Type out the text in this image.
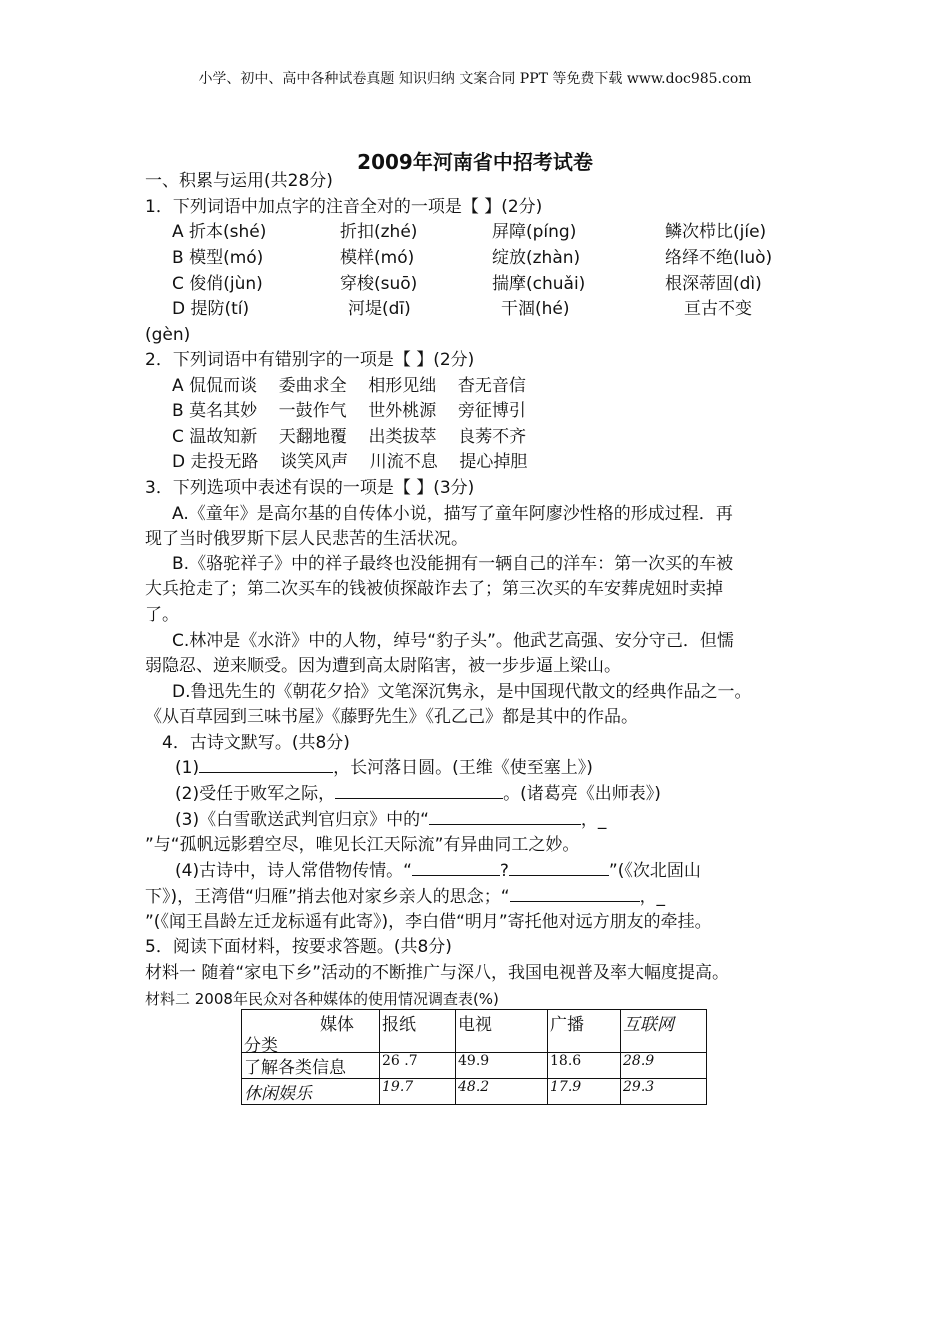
小学、初中、高中各种试卷真题 知识归纳 文案合同 PPT 等免费下载 www.doc985.com
2009年河南省中招考试卷
一、积累与运用(共28分)
1．下列词语中加点字的注音全对的一项是【 】(2分)
A 折本(shé)	折扣(zhé)	屏障(píng)	鳞次栉比(jíe)
B 模型(mó)	模样(mó)	绽放(zhàn)	络绎不绝(luò)
C 俊俏(jùn)	穿梭(suō)	揣摩(chuǎi)	根深蒂固(dì)
D 提防(tí)	河堤(dī)	干涸(hé)	亘古不变
(gèn)
2．下列词语中有错别字的一项是【 】(2分)
A 侃侃而谈    委曲求全    相形见绌    杳无音信
B 莫名其妙    一鼓作气    世外桃源    旁征博引
C 温故知新    天翻地覆    出类拔萃    良莠不齐
D 走投无路    谈笑风声    川流不息    提心掉胆
3．下列选项中表述有误的一项是【 】(3分)
A.《童年》是高尔基的自传体小说，描写了童年阿廖沙性格的形成过程．再
现了当时俄罗斯下层人民悲苦的生活状况。
B.《骆驼祥子》中的祥子最终也没能拥有一辆自己的洋车：第一次买的车被
大兵抢走了；第二次买车的钱被侦探敲诈去了；第三次买的车安葬虎妞时卖掉
了。
C.林冲是《水浒》中的人物，绰号“豹子头”。他武艺高强、安分守己．但懦
弱隐忍、逆来顺受。因为遭到高太尉陷害，被一步步逼上梁山。
D.鲁迅先生的《朝花夕拾》文笔深沉隽永，是中国现代散文的经典作品之一。
《从百草园到三味书屋》《藤野先生》《孔乙己》都是其中的作品。
4．古诗文默写。(共8分)
(1)	，长河落日圆。(王维《使至塞上》)
(2)受任于败军之际，	。(诸葛亮《出师表》)
(3)《白雪歌送武判官归京》中的“	，_
”与“孤帆远影碧空尽，唯见长江天际流”有异曲同工之妙。
(4)古诗中，诗人常借物传情。“	?	”(《次北固山
下》)，王湾借“归雁”捎去他对家乡亲人的思念；“	，_
”(《闻王昌龄左迁龙标遥有此寄》)，李白借“明月”寄托他对远方朋友的牵挂。
5．阅读下面材料，按要求答题。(共8分)
材料一 随着“家电下乡”活动的不断推广与深八，我国电视普及率大幅度提高。
材料二 2008年民众对各种媒体的使用情况调查表(%)
媒体
分类	报纸	电视	广播	互联网
了解各类信息	26 .7	49.9	18.6	28.9
休闲娱乐	19.7	48.2	17.9	29.3
